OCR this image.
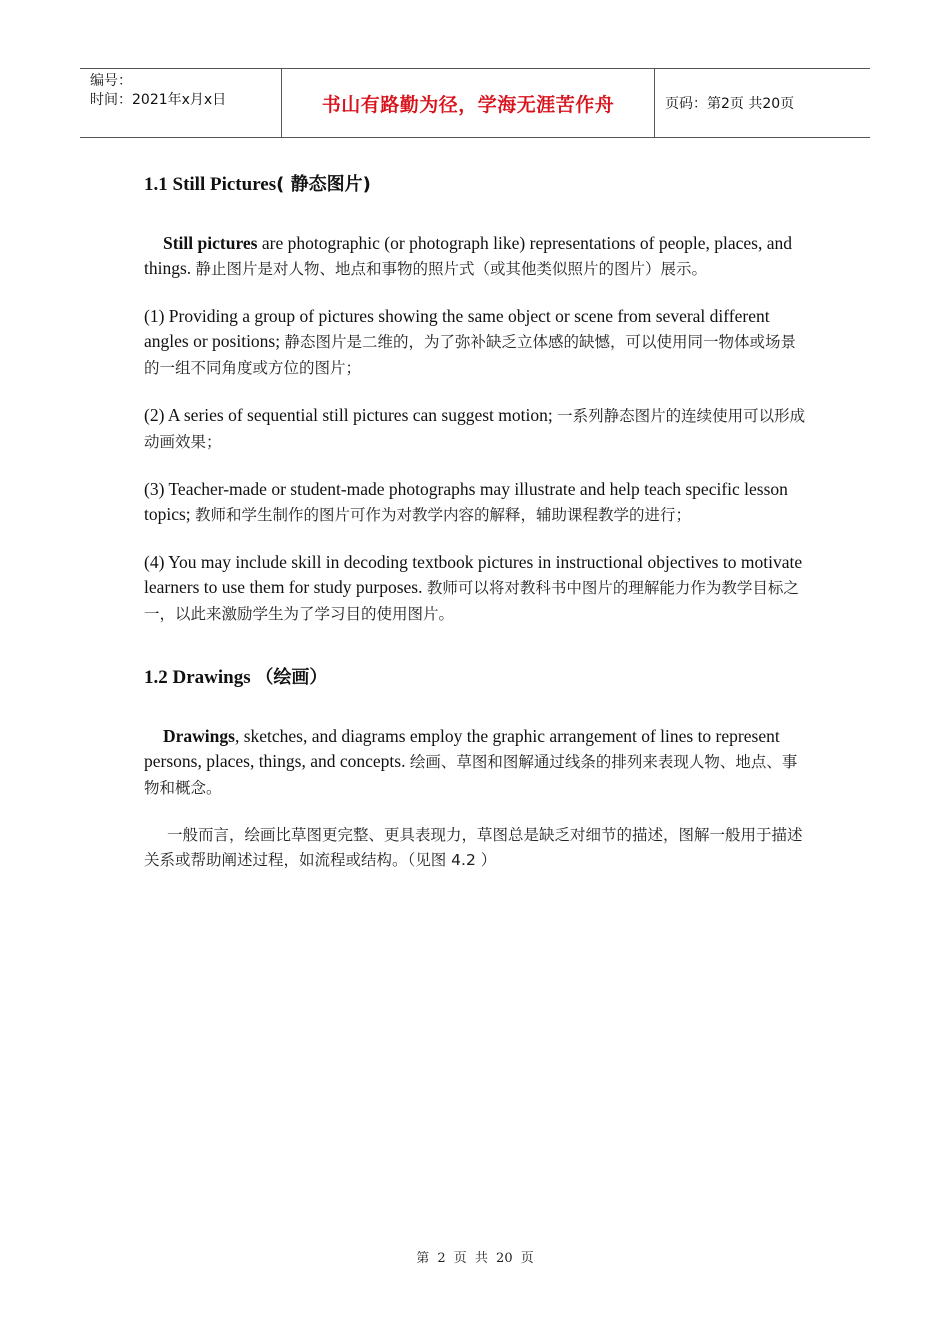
编号：
时间：2021年x月x日	书山有路勤为径，学海无涯苦作舟	页码：第2页 共20页
1.1 Still Pictures( 静态图片)

Still pictures are photographic (or photograph like) representations of people, places, and things. 静止图片是对人物、地点和事物的照片式（或其他类似照片的图片）展示。

(1) Providing a group of pictures showing the same object or scene from several different angles or positions; 静态图片是二维的，为了弥补缺乏立体感的缺憾，可以使用同一物体或场景的一组不同角度或方位的图片；

(2) A series of sequential still pictures can suggest motion; 一系列静态图片的连续使用可以形成动画效果；

(3) Teacher-made or student-made photographs may illustrate and help teach specific lesson topics; 教师和学生制作的图片可作为对教学内容的解释，辅助课程教学的进行；

(4) You may include skill in decoding textbook pictures in instructional objectives to motivate learners to use them for study purposes. 教师可以将对教科书中图片的理解能力作为教学目标之一，以此来激励学生为了学习目的使用图片。

1.2 Drawings （绘画）

Drawings, sketches, and diagrams employ the graphic arrangement of lines to represent persons, places, things, and concepts. 绘画、草图和图解通过线条的排列来表现人物、地点、事物和概念。

一般而言，绘画比草图更完整、更具表现力，草图总是缺乏对细节的描述，图解一般用于描述关系或帮助阐述过程，如流程或结构。（见图 4.2 ）

第 2 页 共 20 页
